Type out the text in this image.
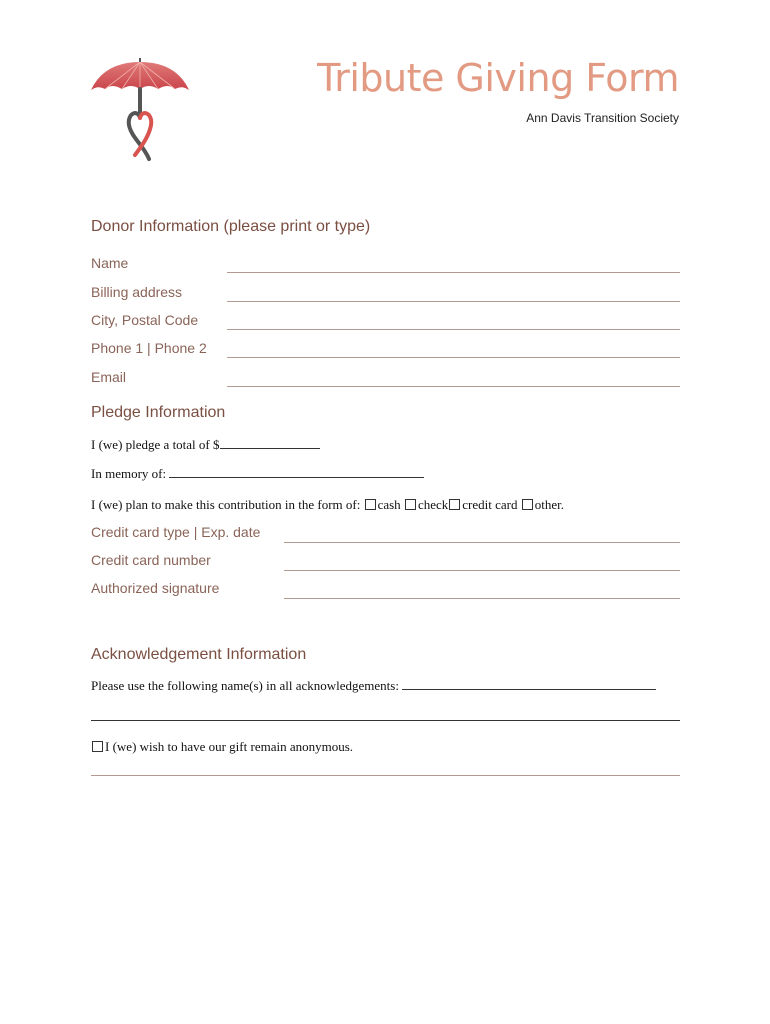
Tribute Giving Form
Ann Davis Transition Society
Donor Information (please print or type)
Name
Billing address
City, Postal Code
Phone 1 | Phone 2
Email
Pledge Information
I (we) pledge a total of $
In memory of:
I (we) plan to make this contribution in the form of: cash check credit card other.
Credit card type | Exp. date
Credit card number
Authorized signature
Acknowledgement Information
Please use the following name(s) in all acknowledgements:
I (we) wish to have our gift remain anonymous.
